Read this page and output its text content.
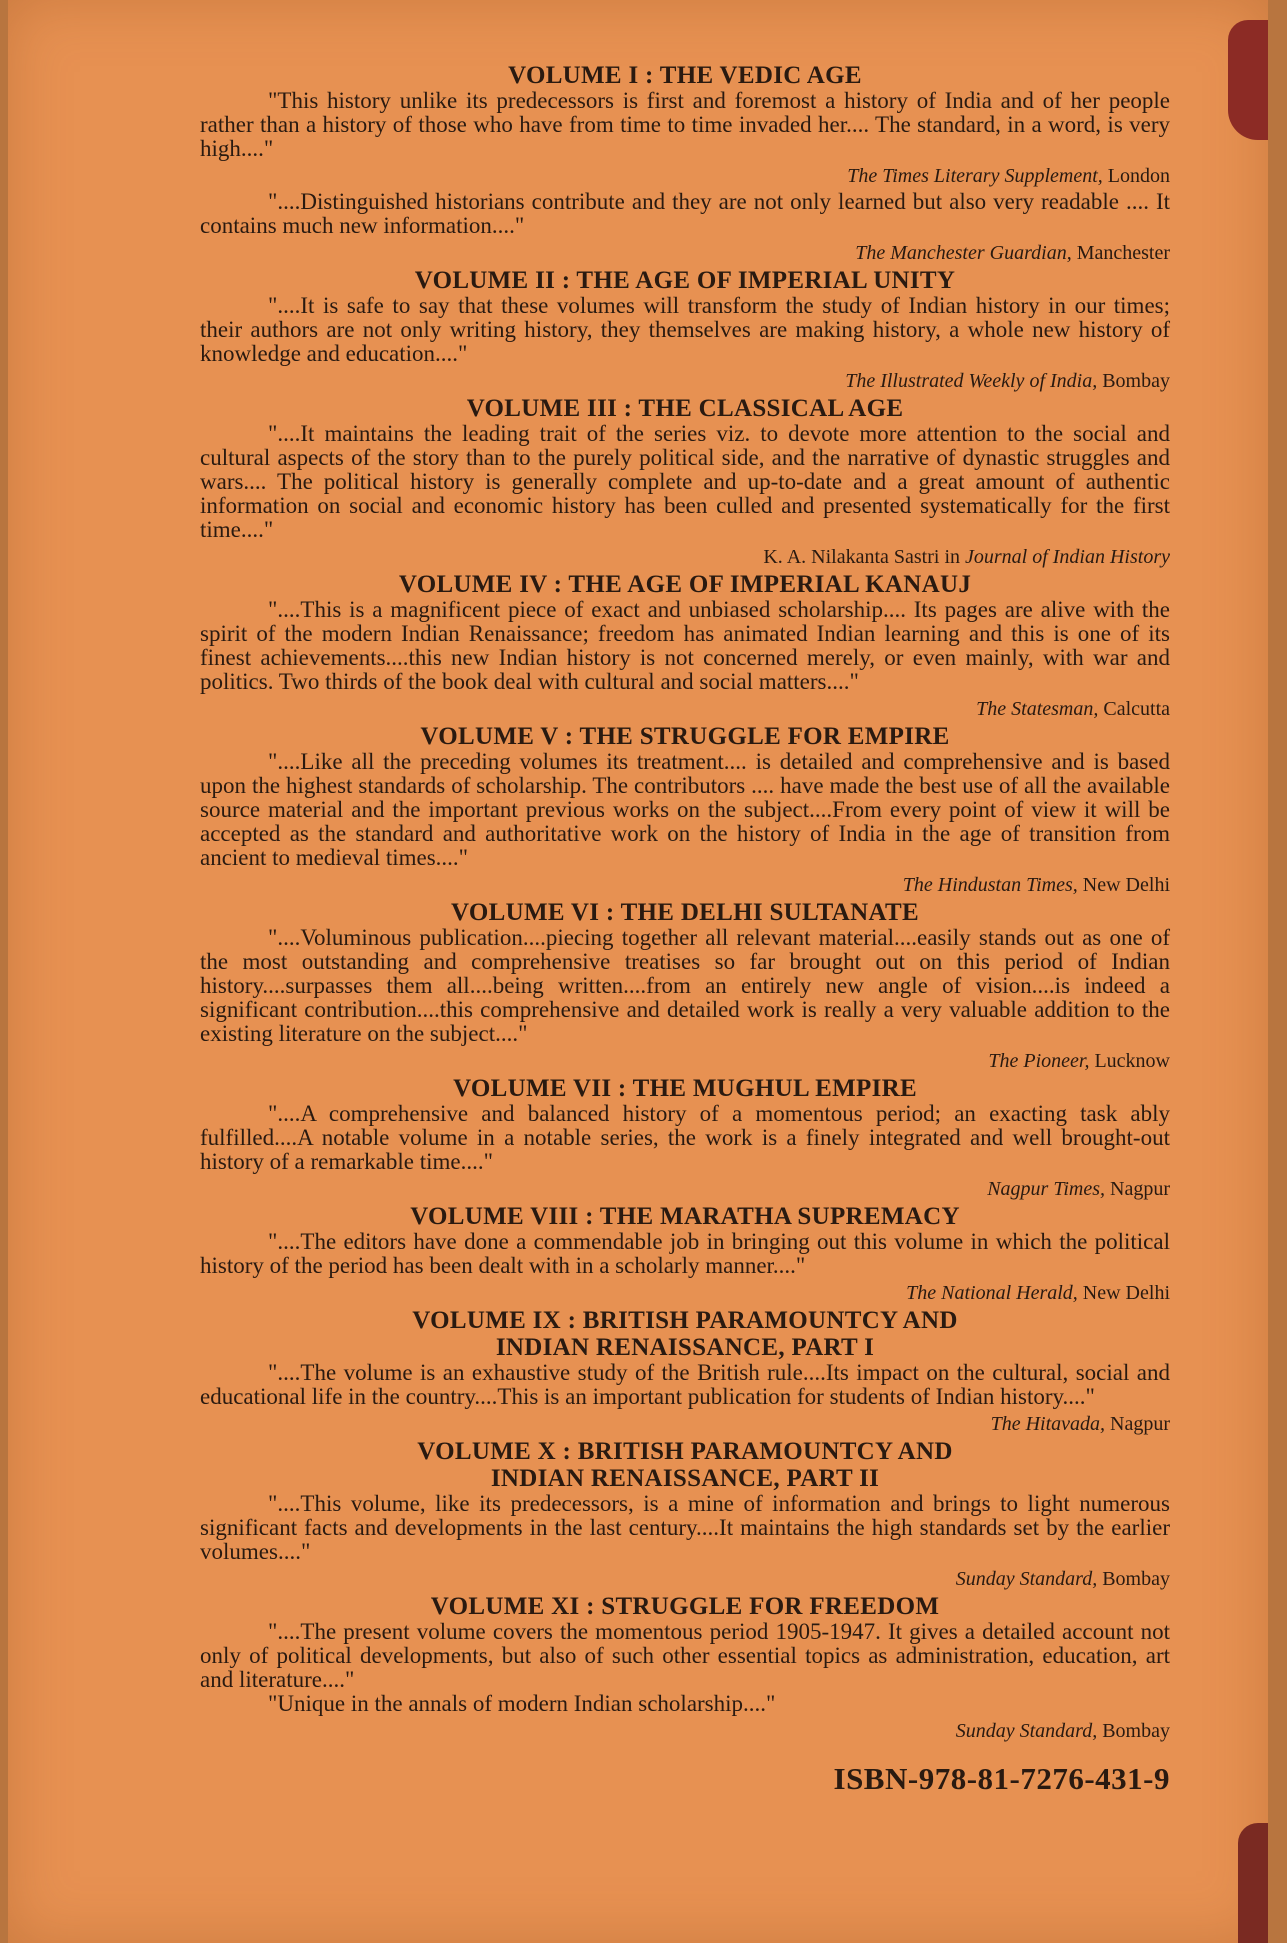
VOLUME I : THE VEDIC AGE

"This history unlike its predecessors is first and foremost a history of India and of her people rather than a history of those who have from time to time invaded her.... The standard, in a word, is very high...."

The Times Literary Supplement, London

"....Distinguished historians contribute and they are not only learned but also very readable .... It contains much new information...."

The Manchester Guardian, Manchester
VOLUME II : THE AGE OF IMPERIAL UNITY

"....It is safe to say that these volumes will transform the study of Indian history in our times; their authors are not only writing history, they themselves are making history, a whole new history of knowledge and education...."

The Illustrated Weekly of India, Bombay
VOLUME III : THE CLASSICAL AGE

"....It maintains the leading trait of the series viz. to devote more attention to the social and cultural aspects of the story than to the purely political side, and the narrative of dynastic struggles and wars.... The political history is generally complete and up-to-date and a great amount of authentic information on social and economic history has been culled and presented systematically for the first time...."

K. A. Nilakanta Sastri in Journal of Indian History
VOLUME IV : THE AGE OF IMPERIAL KANAUJ

"....This is a magnificent piece of exact and unbiased scholarship.... Its pages are alive with the spirit of the modern Indian Renaissance; freedom has animated Indian learning and this is one of its finest achievements....this new Indian history is not concerned merely, or even mainly, with war and politics. Two thirds of the book deal with cultural and social matters...."

The Statesman, Calcutta
VOLUME V : THE STRUGGLE FOR EMPIRE

"....Like all the preceding volumes its treatment.... is detailed and comprehensive and is based upon the highest standards of scholarship. The contributors .... have made the best use of all the available source material and the important previous works on the subject....From every point of view it will be accepted as the standard and authoritative work on the history of India in the age of transition from ancient to medieval times...."

The Hindustan Times, New Delhi
VOLUME VI : THE DELHI SULTANATE

"....Voluminous publication....piecing together all relevant material....easily stands out as one of the most outstanding and comprehensive treatises so far brought out on this period of Indian history....surpasses them all....being written....from an entirely new angle of vision....is indeed a significant contribution....this comprehensive and detailed work is really a very valuable addition to the existing literature on the subject...."

The Pioneer, Lucknow
VOLUME VII : THE MUGHUL EMPIRE

"....A comprehensive and balanced history of a momentous period; an exacting task ably fulfilled....A notable volume in a notable series, the work is a finely integrated and well brought-out history of a remarkable time...."

Nagpur Times, Nagpur
VOLUME VIII : THE MARATHA SUPREMACY

"....The editors have done a commendable job in bringing out this volume in which the political history of the period has been dealt with in a scholarly manner...."

The National Herald, New Delhi
VOLUME IX : BRITISH PARAMOUNTCY AND
INDIAN RENAISSANCE, PART I

"....The volume is an exhaustive study of the British rule....Its impact on the cultural, social and educational life in the country....This is an important publication for students of Indian history...."

The Hitavada, Nagpur
VOLUME X : BRITISH PARAMOUNTCY AND
INDIAN RENAISSANCE, PART II

"....This volume, like its predecessors, is a mine of information and brings to light numerous significant facts and developments in the last century....It maintains the high standards set by the earlier volumes...."

Sunday Standard, Bombay
VOLUME XI : STRUGGLE FOR FREEDOM

"....The present volume covers the momentous period 1905-1947. It gives a detailed account not only of political developments, but also of such other essential topics as administration, education, art and literature...."

"Unique in the annals of modern Indian scholarship...."

Sunday Standard, Bombay
ISBN-978-81-7276-431-9
